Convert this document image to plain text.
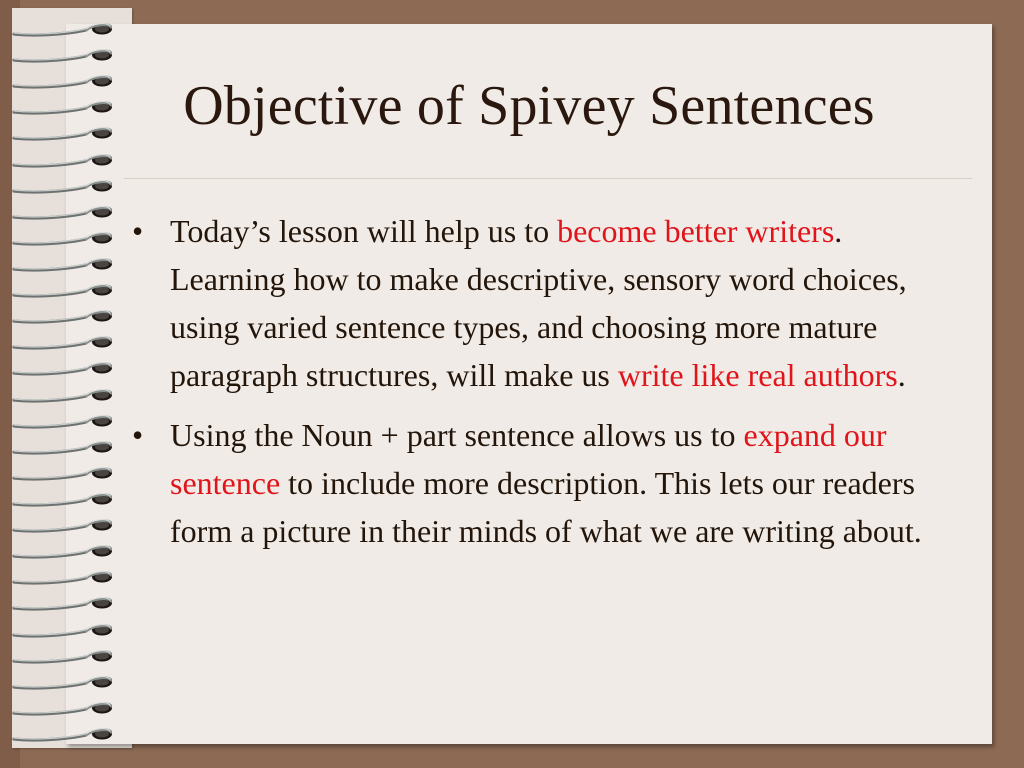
Objective of Spivey Sentences
• Today’s lesson will help us to become better writers. Learning how to make descriptive, sensory word choices, using varied sentence types, and choosing more mature paragraph structures, will make us write like real authors.
• Using the Noun + part sentence allows us to expand our sentence to include more description. This lets our readers form a picture in their minds of what we are writing about.
